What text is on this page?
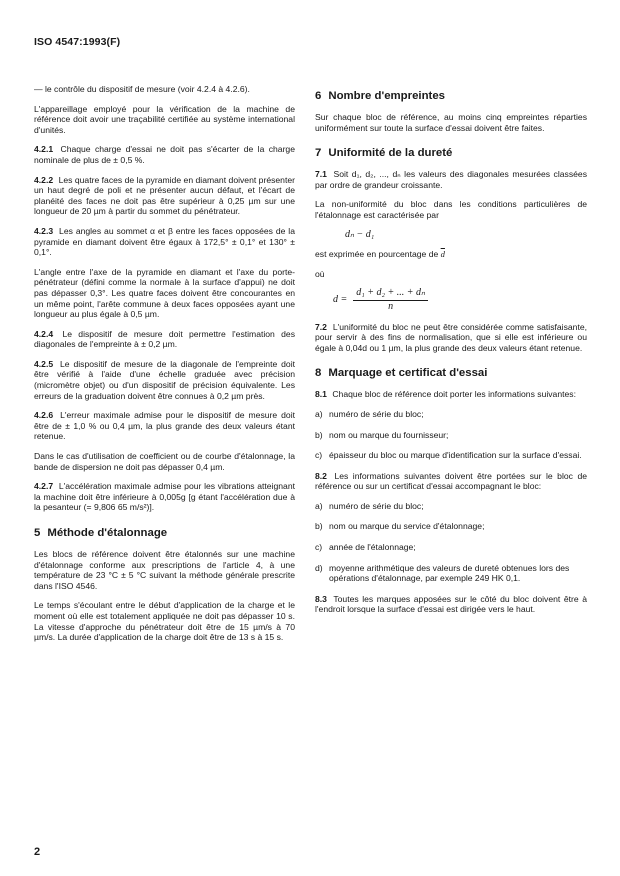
ISO 4547:1993(F)

— le contrôle du dispositif de mesure (voir 4.2.4 à 4.2.6).

L'appareillage employé pour la vérification de la machine de référence doit avoir une traçabilité certifiée au système international d'unités.

4.2.1 Chaque charge d'essai ne doit pas s'écarter de la charge nominale de plus de ± 0,5 %.

4.2.2 Les quatre faces de la pyramide en diamant doivent présenter un haut degré de poli et ne présenter aucun défaut, et l'écart de planéité des faces ne doit pas être supérieur à 0,25 µm sur une longueur de 20 µm à partir du sommet du pénétrateur.

4.2.3 Les angles au sommet α et β entre les faces opposées de la pyramide en diamant doivent être égaux à 172,5° ± 0,1° et 130° ± 0,1°.

L'angle entre l'axe de la pyramide en diamant et l'axe du porte-pénétrateur (défini comme la normale à la surface d'appui) ne doit pas dépasser 0,3°. Les quatre faces doivent être concourantes en un même point, l'arête commune à deux faces opposées ayant une longueur au plus égale à 0,5 µm.

4.2.4 Le dispositif de mesure doit permettre l'estimation des diagonales de l'empreinte à ± 0,2 µm.

4.2.5 Le dispositif de mesure de la diagonale de l'empreinte doit être vérifié à l'aide d'une échelle graduée avec précision (micromètre objet) ou d'un dispositif de précision équivalente. Les erreurs de la graduation doivent être connues à 0,2 µm près.

4.2.6 L'erreur maximale admise pour le dispositif de mesure doit être de ± 1,0 % ou 0,4 µm, la plus grande des deux valeurs étant retenue.

Dans le cas d'utilisation de coefficient ou de courbe d'étalonnage, la bande de dispersion ne doit pas dépasser 0,4 µm.

4.2.7 L'accélération maximale admise pour les vibrations atteignant la machine doit être inférieure à 0,005g [g étant l'accélération due à la pesanteur (= 9,806 65 m/s²)].

5 Méthode d'étalonnage

Les blocs de référence doivent être étalonnés sur une machine d'étalonnage conforme aux prescriptions de l'article 4, à une température de 23 °C ± 5 °C suivant la méthode générale prescrite dans l'ISO 4546.

Le temps s'écoulant entre le début d'application de la charge et le moment où elle est totalement appliquée ne doit pas dépasser 10 s. La vitesse d'approche du pénétrateur doit être de 15 µm/s à 70 µm/s. La durée d'application de la charge doit être de 13 s à 15 s.

6 Nombre d'empreintes

Sur chaque bloc de référence, au moins cinq empreintes réparties uniformément sur toute la surface d'essai doivent être faites.

7 Uniformité de la dureté

7.1 Soit d₁, d₂, ..., dₙ les valeurs des diagonales mesurées classées par ordre de grandeur croissante.

La non-uniformité du bloc dans les conditions particulières de l'étalonnage est caractérisée par

dₙ − d₁

est exprimée en pourcentage de $\overline{d}$

où

$d = \frac{\text{d₁ + d₂ + ... + dₙ}}{n}$

7.2 L'uniformité du bloc ne peut être considérée comme satisfaisante, pour servir à des fins de normalisation, que si elle est inférieure ou égale à 0,04d ou 1 µm, la plus grande des deux valeurs étant retenue.

8 Marquage et certificat d'essai

8.1 Chaque bloc de référence doit porter les informations suivantes:

a) numéro de série du bloc;
b) nom ou marque du fournisseur;
c) épaisseur du bloc ou marque d'identification sur la surface d'essai.

8.2 Les informations suivantes doivent être portées sur le bloc de référence ou sur un certificat d'essai accompagnant le bloc:

a) numéro de série du bloc;
b) nom ou marque du service d'étalonnage;
c) année de l'étalonnage;
d) moyenne arithmétique des valeurs de dureté obtenues lors des opérations d'étalonnage, par exemple 249 HK 0,1.

8.3 Toutes les marques apposées sur le côté du bloc doivent être à l'endroit lorsque la surface d'essai est dirigée vers le haut.

2
